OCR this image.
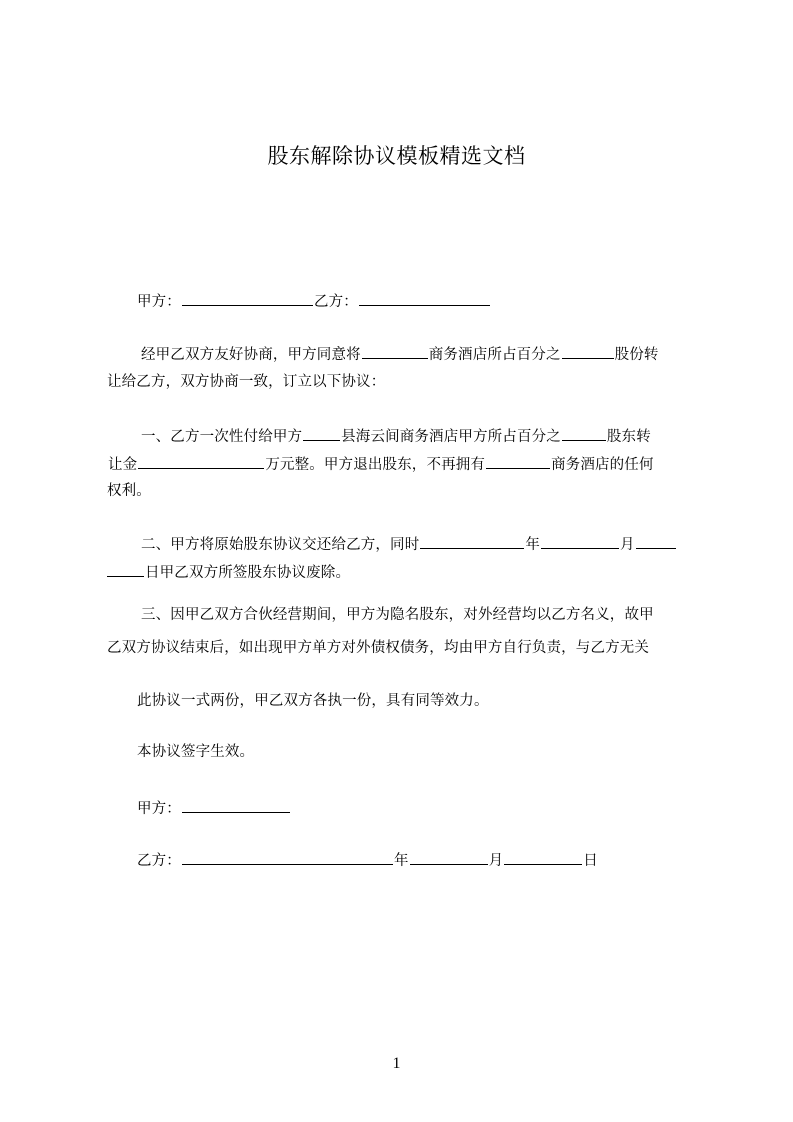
股东解除协议模板精选文档
甲方：	乙方：
经甲乙双方友好协商，甲方同意将	商务酒店所占百分之	股份转
让给乙方，双方协商一致，订立以下协议：
一、乙方一次性付给甲方	县海云间商务酒店甲方所占百分之	股东转
让金	万元整。甲方退出股东，不再拥有	商务酒店的任何
权利。
二、甲方将原始股东协议交还给乙方，同时	年	月
日甲乙双方所签股东协议废除。
三、因甲乙双方合伙经营期间，甲方为隐名股东，对外经营均以乙方名义，故甲
乙双方协议结束后，如出现甲方单方对外债权债务，均由甲方自行负责，与乙方无关
此协议一式两份，甲乙双方各执一份，具有同等效力。
本协议签字生效。
甲方：
乙方：	年	月	日
1
